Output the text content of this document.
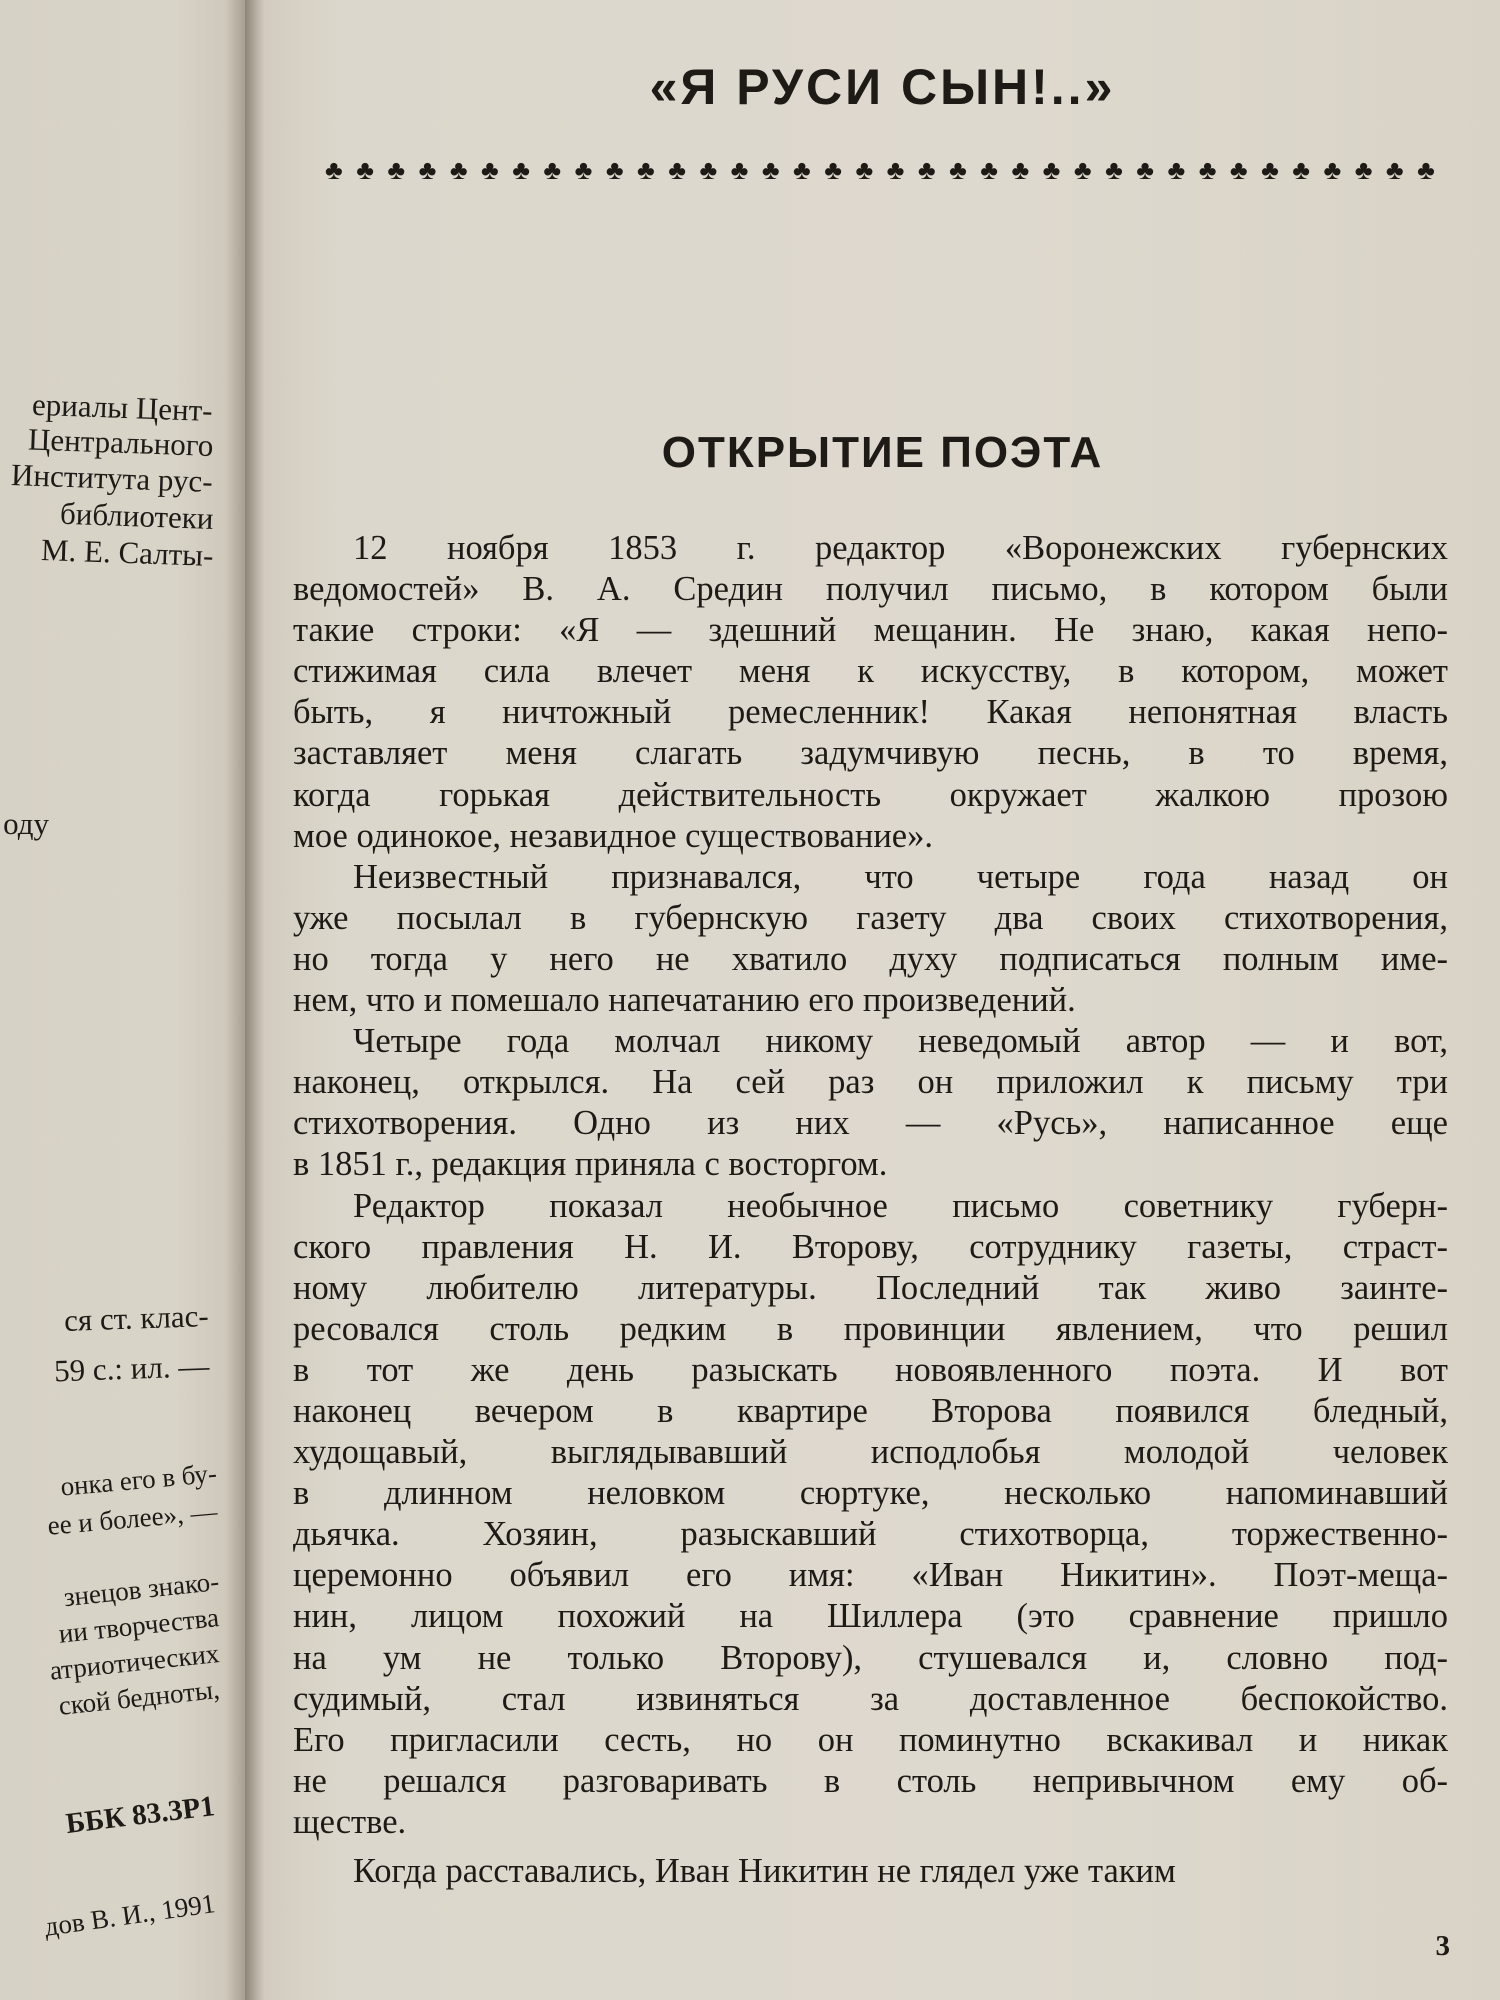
ериалы Цент-
Центрального
Института рус-
библиотеки
М. Е. Салты-
оду
ся ст. клас-
59 с.: ил. —
онка его в бу-
ее и более», —
знецов знако-
ии творчества
атриотических
ской бедноты,
ББК 83.3Р1
дов В. И., 1991
«Я РУСИ СЫН!..»
♣ ♣ ♣ ♣ ♣ ♣ ♣ ♣ ♣ ♣ ♣ ♣ ♣ ♣ ♣ ♣ ♣ ♣ ♣ ♣ ♣ ♣ ♣ ♣ ♣ ♣ ♣ ♣ ♣ ♣ ♣ ♣ ♣ ♣ ♣ ♣
ОТКРЫТИЕ ПОЭТА
12 ноября 1853 г. редактор «Воронежских губернских
ведомостей» В. А. Средин получил письмо, в котором были
такие строки: «Я — здешний мещанин. Не знаю, какая непо-
стижимая сила влечет меня к искусству, в котором, может
быть, я ничтожный ремесленник! Какая непонятная власть
заставляет меня слагать задумчивую песнь, в то время,
когда горькая действительность окружает жалкою прозою
мое одинокое, незавидное существование».
Неизвестный признавался, что четыре года назад он
уже посылал в губернскую газету два своих стихотворения,
но тогда у него не хватило духу подписаться полным име-
нем, что и помешало напечатанию его произведений.
Четыре года молчал никому неведомый автор — и вот,
наконец, открылся. На сей раз он приложил к письму три
стихотворения. Одно из них — «Русь», написанное еще
в 1851 г., редакция приняла с восторгом.
Редактор показал необычное письмо советнику губерн-
ского правления Н. И. Второву, сотруднику газеты, страст-
ному любителю литературы. Последний так живо заинте-
ресовался столь редким в провинции явлением, что решил
в тот же день разыскать новоявленного поэта. И вот
наконец вечером в квартире Второва появился бледный,
худощавый, выглядывавший исподлобья молодой человек
в длинном неловком сюртуке, несколько напоминавший
дьячка. Хозяин, разыскавший стихотворца, торжественно-
церемонно объявил его имя: «Иван Никитин». Поэт-меща-
нин, лицом похожий на Шиллера (это сравнение пришло
на ум не только Второву), стушевался и, словно под-
судимый, стал извиняться за доставленное беспокойство.
Его пригласили сесть, но он поминутно вскакивал и никак
не решался разговаривать в столь непривычном ему об-
ществе.
Когда расставались, Иван Никитин не глядел уже таким
3
